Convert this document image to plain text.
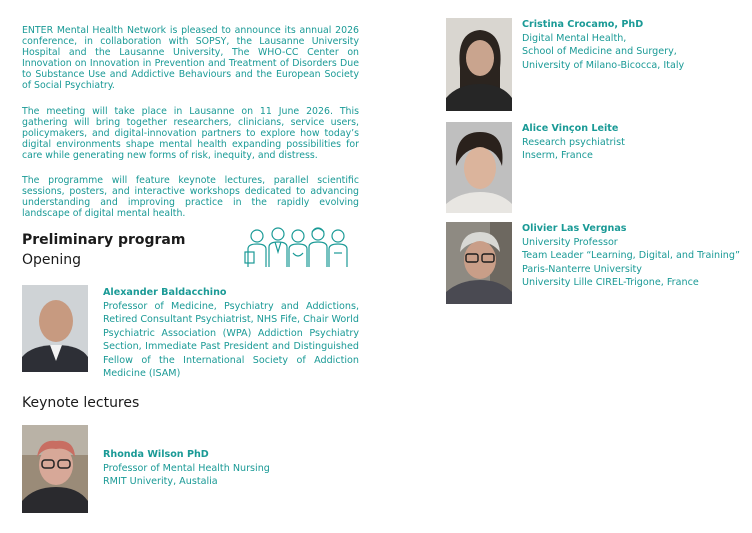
ENTER Mental Health Network is pleased to announce its annual 2026 conference, in collaboration with SOPSY, the Lausanne University Hospital and the Lausanne University, The WHO-CC Center on Innovation on Innovation in Prevention and Treatment of Disorders Due to Substance Use and Addictive Behaviours and the European Society of Social Psychiatry.

The meeting will take place in Lausanne on 11 June 2026. This gathering will bring together researchers, clinicians, service users, policymakers, and digital-innovation partners to explore how today’s digital environments shape mental health expanding possibilities for care while generating new forms of risk, inequity, and distress.

The programme will feature keynote lectures, parallel scientific sessions, posters, and interactive workshops dedicated to advancing understanding and improving practice in the rapidly evolving landscape of digital mental health.

Preliminary program
Opening
Keynote lectures
Alexander Baldacchino
Professor of Medicine, Psychiatry and Addictions, Retired Consultant Psychiatrist, NHS Fife, Chair World Psychiatric Association (WPA) Addiction Psychiatry Section, Immediate Past President and Distinguished Fellow of the International Society of Addiction Medicine (ISAM)
Rhonda Wilson PhD
Professor of Mental Health Nursing
RMIT Univerity, Austalia
Cristina Crocamo, PhD
Digital Mental Health,
School of Medicine and Surgery,
University of Milano-Bicocca, Italy
Alice Vinçon Leite
Research psychiatrist
Inserm, France
Olivier Las Vergnas
University Professor
Team Leader “Learning, Digital, and Training”
Paris-Nanterre University
University Lille CIREL-Trigone, France
